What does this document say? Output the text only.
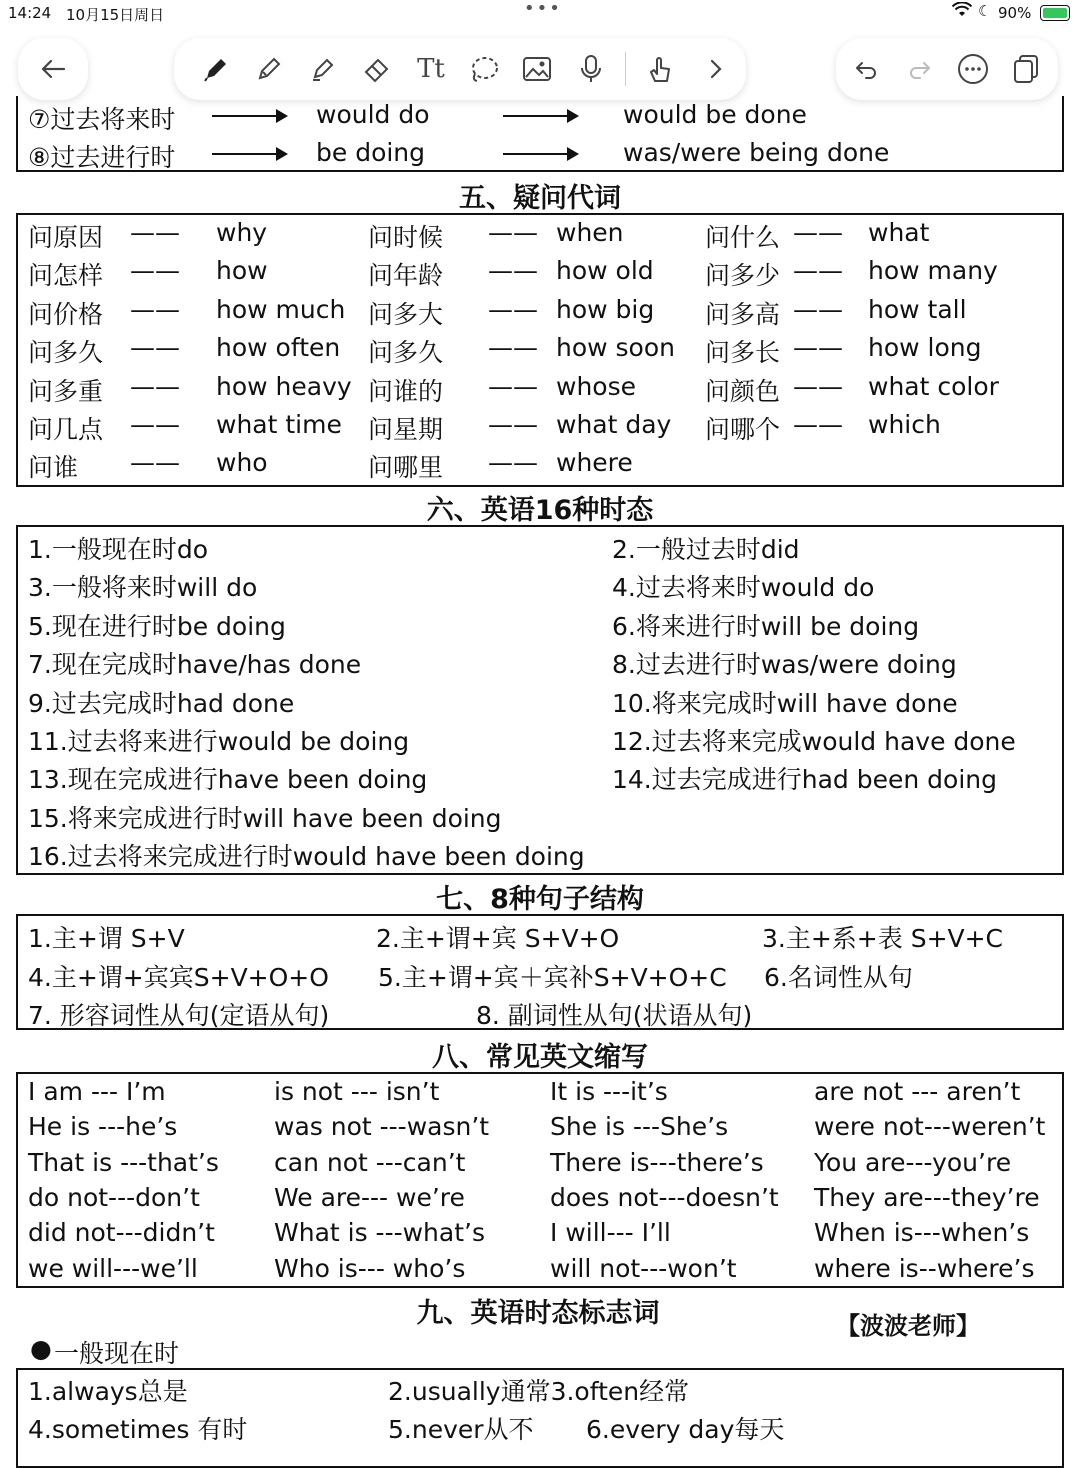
14:24 10月15日周日	•••	☾ 90%
Tt
⑦过去将来时	would do	would be done
⑧过去进行时	be doing	was/were being done
五、疑问代词
问原因 —— why	问时候 —— when	问什么 —— what
问怎样 —— how	问年龄 —— how old 问多少 —— how many
问价格 —— how much 问多大 —— how big 问多高 —— how tall
问多久 —— how often 问多久 —— how soon 问多长 —— how long
问多重 —— how heavy 问谁的 —— whose	问颜色 —— what color
问几点 —— what time 问星期 —— what day 问哪个 —— which
问谁 —— who	问哪里 —— where
六、英语16种时态
1.一般现在时do	2.一般过去时did
3.一般将来时will do	4.过去将来时would do
5.现在进行时be doing	6.将来进行时will be doing
7.现在完成时have/has done	8.过去进行时was/were doing
9.过去完成时had done	10.将来完成时will have done
11.过去将来进行would be doing	12.过去将来完成would have done
13.现在完成进行have been doing	14.过去完成进行had been doing
15.将来完成进行时will have been doing
16.过去将来完成进行时would have been doing
七、8种句子结构
1.主+谓 S+V	2.主+谓+宾 S+V+O	3.主+系+表 S+V+C
4.主+谓+宾宾S+V+O+O 5.主+谓+宾＋宾补S+V+O+C 6.名词性从句
7. 形容词性从句(定语从句)	8. 副词性从句(状语从句)
八、常见英文缩写
I am --- I’m	is not --- isn’t	It is ---it’s	are not --- aren’t
He is ---he’s	was not ---wasn’t She is ---She’s	were not---weren’t
That is ---that’s can not ---can’t	There is---there’s You are---you’re
do not---don’t	We are--- we’re	does not---doesn’t They are---they’re
did not---didn’t What is ---what’s	I will--- I’ll	When is---when’s
we will---we’ll	Who is--- who’s	will not---won’t	where is--where’s
九、英语时态标志词	【波波老师】
● 一般现在时
1.always总是	2.usually通常3.often经常
4.sometimes 有时	5.never从不 6.every day每天
